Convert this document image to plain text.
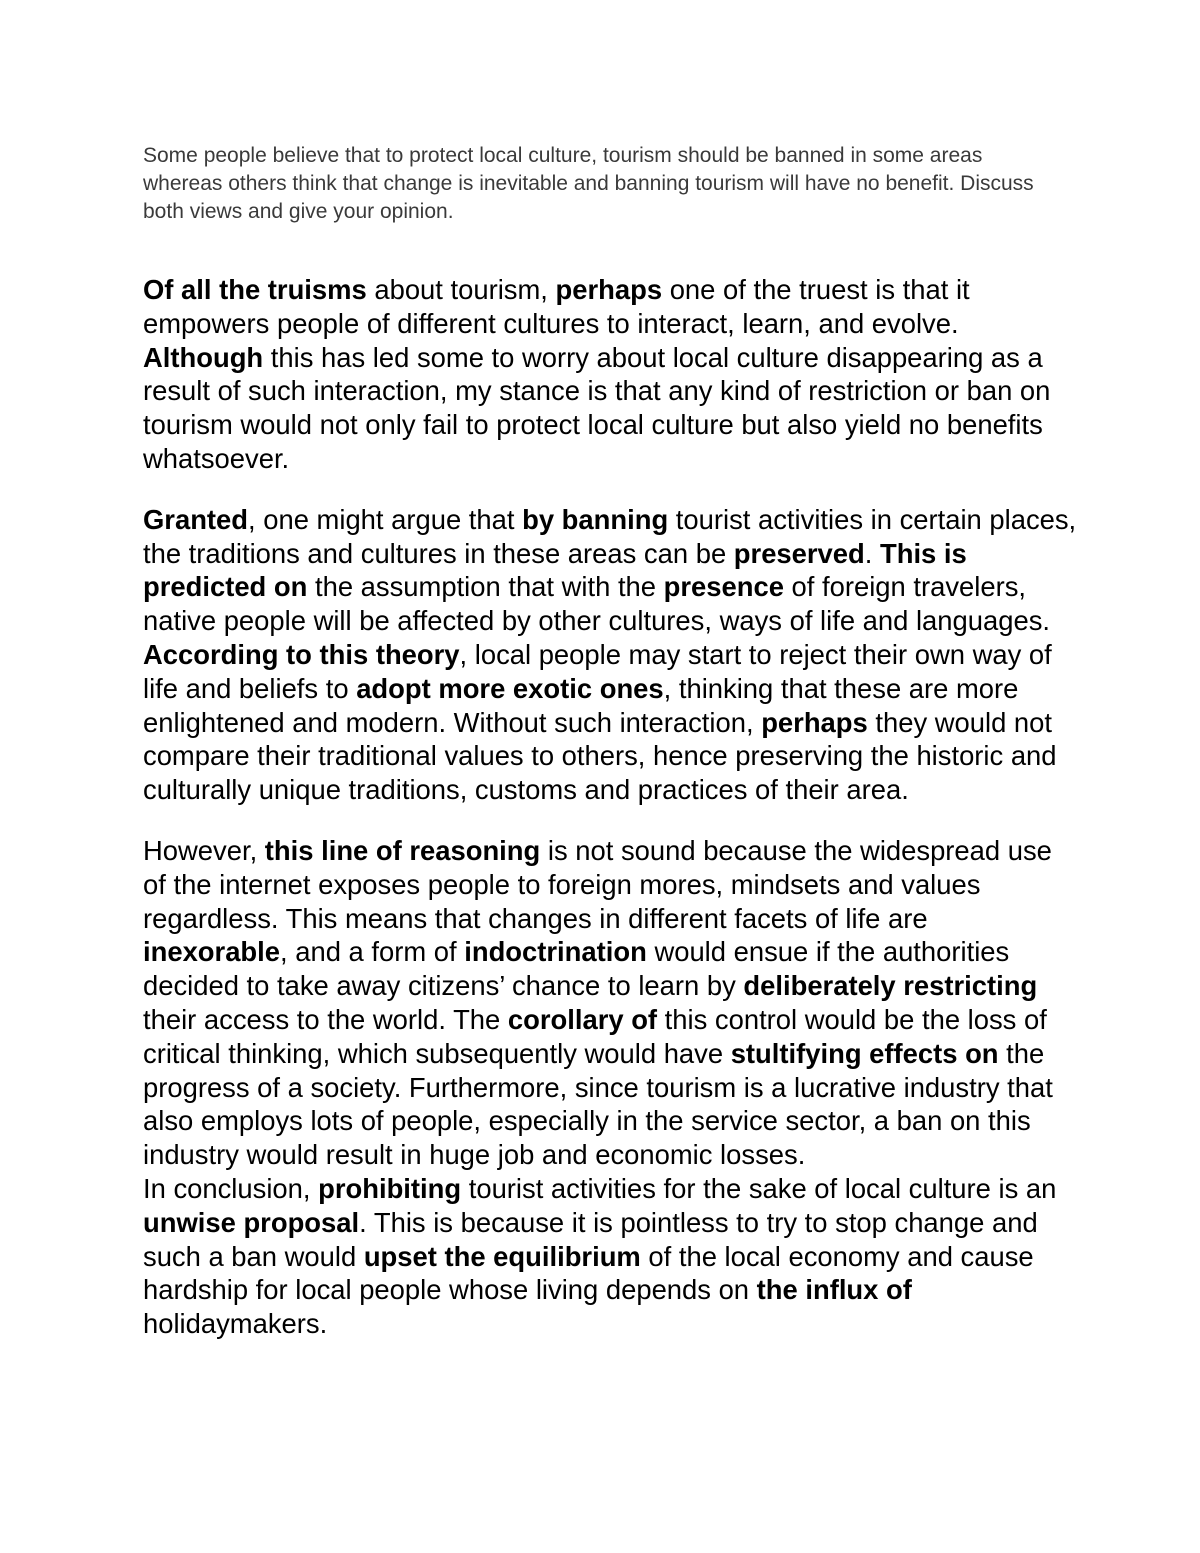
Some people believe that to protect local culture, tourism should be banned in some areas whereas others think that change is inevitable and banning tourism will have no benefit. Discuss both views and give your opinion.

Of all the truisms about tourism, perhaps one of the truest is that it empowers people of different cultures to interact, learn, and evolve. Although this has led some to worry about local culture disappearing as a result of such interaction, my stance is that any kind of restriction or ban on tourism would not only fail to protect local culture but also yield no benefits whatsoever.

Granted, one might argue that by banning tourist activities in certain places, the traditions and cultures in these areas can be preserved. This is predicted on the assumption that with the presence of foreign travelers, native people will be affected by other cultures, ways of life and languages. According to this theory, local people may start to reject their own way of life and beliefs to adopt more exotic ones, thinking that these are more enlightened and modern. Without such interaction, perhaps they would not compare their traditional values to others, hence preserving the historic and culturally unique traditions, customs and practices of their area.

However, this line of reasoning is not sound because the widespread use of the internet exposes people to foreign mores, mindsets and values regardless. This means that changes in different facets of life are inexorable, and a form of indoctrination would ensue if the authorities decided to take away citizens’ chance to learn by deliberately restricting their access to the world. The corollary of this control would be the loss of critical thinking, which subsequently would have stultifying effects on the progress of a society. Furthermore, since tourism is a lucrative industry that also employs lots of people, especially in the service sector, a ban on this industry would result in huge job and economic losses.

In conclusion, prohibiting tourist activities for the sake of local culture is an unwise proposal. This is because it is pointless to try to stop change and such a ban would upset the equilibrium of the local economy and cause hardship for local people whose living depends on the influx of holidaymakers.
